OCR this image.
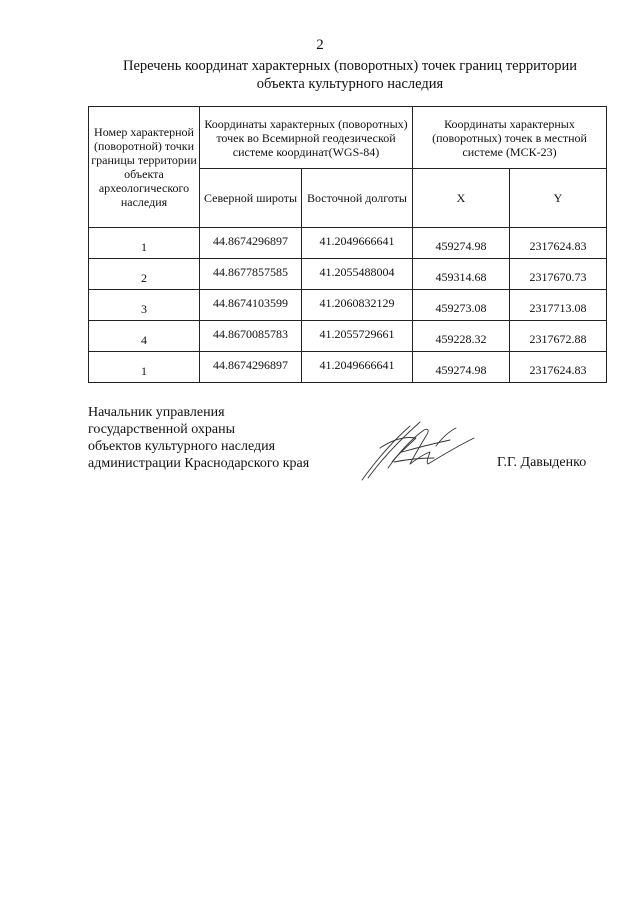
2
Перечень координат характерных (поворотных) точек границ территории
объекта культурного наследия
Номер характерной (поворотной) точки границы территории объекта археологического наследия	Координаты характерных (поворотных) точек во Всемирной геодезической системе координат(WGS-84)		Координаты характерных (поворотных) точек в местной системе (МСК-23)	
	Северной широты	Восточной долготы	X	Y
1	44.8674296897	41.2049666641	459274.98	2317624.83
2	44.8677857585	41.2055488004	459314.68	2317670.73
3	44.8674103599	41.2060832129	459273.08	2317713.08
4	44.8670085783	41.2055729661	459228.32	2317672.88
1	44.8674296897	41.2049666641	459274.98	2317624.83
Начальник управления
государственной охраны
объектов культурного наследия
администрации Краснодарского края	Г.Г. Давыденко
